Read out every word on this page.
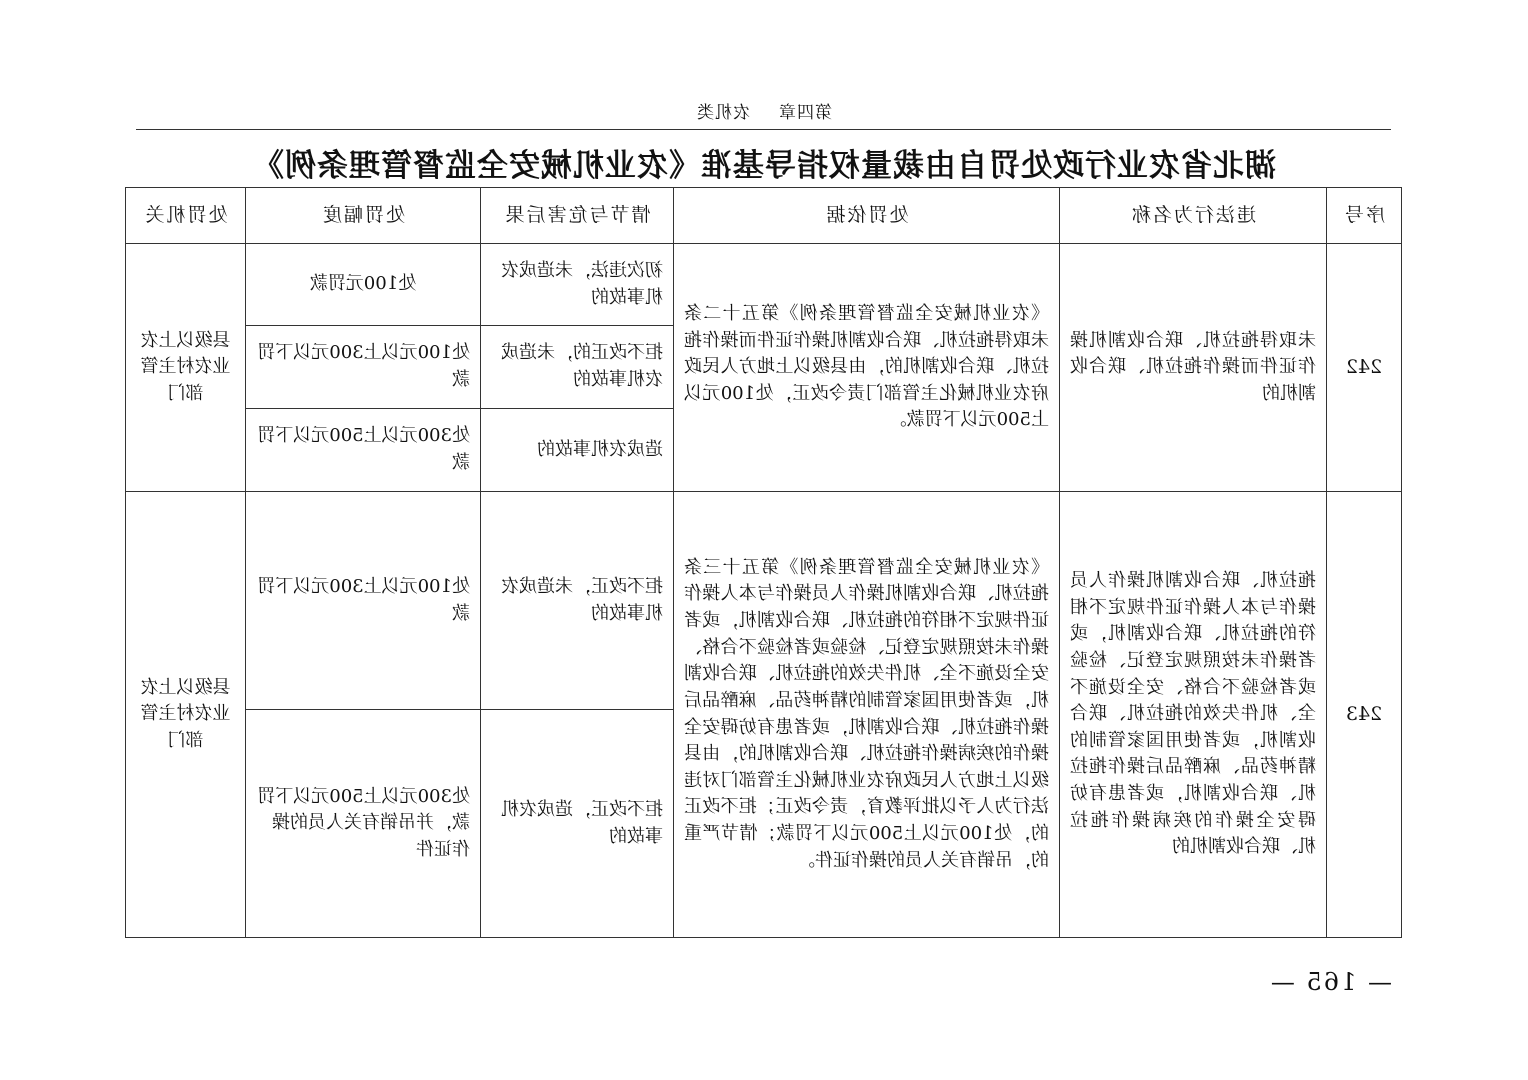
第四章农机类
湖北省农业行政处罚自由裁量权指导基准《农业机械安全监督管理条例》
序号	违法行为名称	处罚依据	情节与危害后果	处罚幅度	处罚机关
242	未取得拖拉机、联合收割机操作证件而操作拖拉机、联合收割机的	《农业机械安全监督管理条例》第五十二条 未取得拖拉机、联合收割机操作证件而操作拖拉机、联合收割机的，由县级以上地方人民政府农业机械化主管部门责令改正，处100元以上500元以下罚款。	初次违法，未造成农机事故的	处100元罚款	县级以上农业农村主管部门
			拒不改正的，未造成农机事故的	处100元以上300元以下罚款	
			造成农机事故的	处300元以上500元以下罚款	
243	拖拉机、联合收割机操作人员操作与本人操作证件规定不相符的拖拉机、联合收割机，或者操作未按照规定登记、检验或者检验不合格、安全设施不全、机件失效的拖拉机、联合收割机，或者使用国家管制的精神药品、麻醉品后操作拖拉机、联合收割机，或者患有妨碍安全操作的疾病操作拖拉机、联合收割机的	《农业机械安全监督管理条例》第五十三条 拖拉机、联合收割机操作人员操作与本人操作证件规定不相符的拖拉机、联合收割机，或者操作未按照规定登记、检验或者检验不合格、安全设施不全、机件失效的拖拉机、联合收割机，或者使用国家管制的精神药品、麻醉品后操作拖拉机、联合收割机，或者患有妨碍安全操作的疾病操作拖拉机、联合收割机的，由县级以上地方人民政府农业机械化主管部门对违法行为人予以批评教育，责令改正；拒不改正的，处100元以上500元以下罚款；情节严重的，吊销有关人员的操作证件。	拒不改正，未造成农机事故的	处100元以上300元以下罚款	县级以上农业农村主管部门
			拒不改正，造成农机事故的	处300元以上500元以下罚款，并吊销有关人员的操作证件	
— 165 —
